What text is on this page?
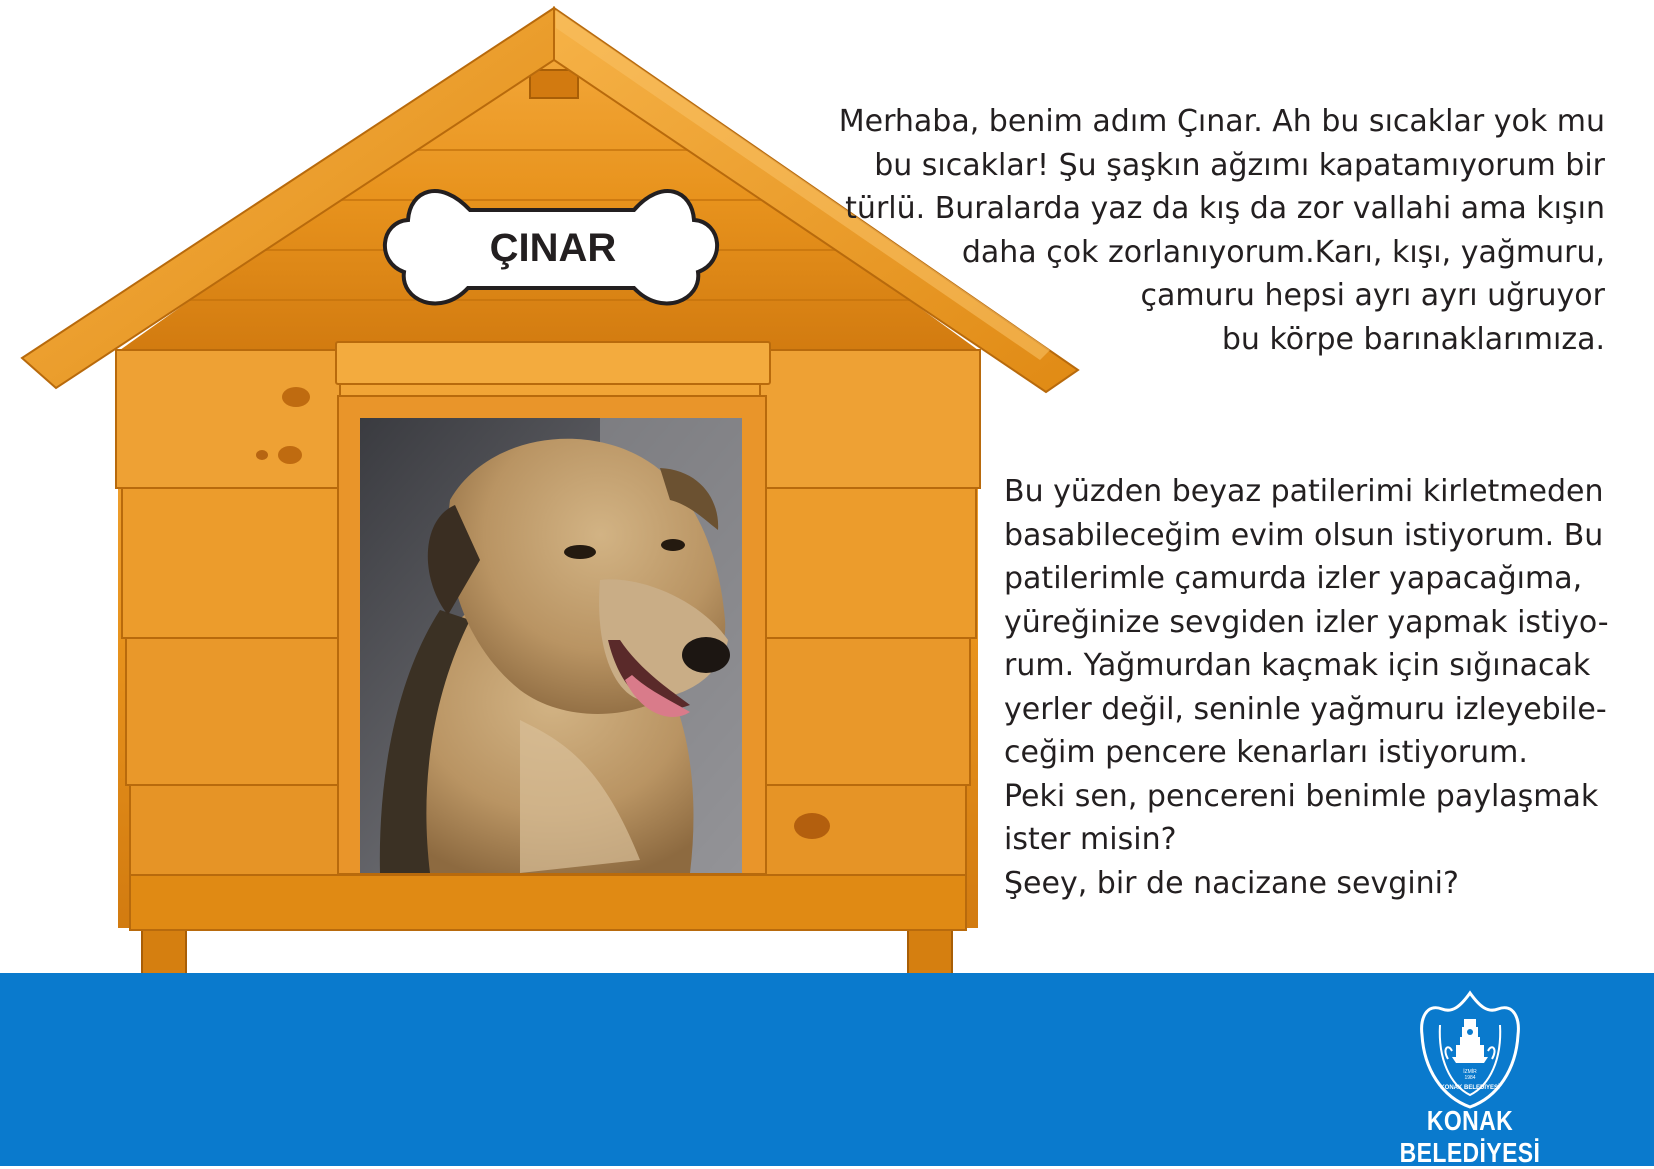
ÇINAR
Merhaba, benim adım Çınar. Ah bu sıcaklar yok mu
bu sıcaklar! Şu şaşkın ağzımı kapatamıyorum bir
türlü. Buralarda yaz da kış da zor vallahi ama kışın
daha çok zorlanıyorum.Karı, kışı, yağmuru,
çamuru hepsi ayrı ayrı uğruyor
bu körpe barınaklarımıza.
Bu yüzden beyaz patilerimi kirletmeden
basabileceğim evim olsun istiyorum. Bu
patilerimle çamurda izler yapacağıma,
yüreğinize sevgiden izler yapmak istiyo-
rum. Yağmurdan kaçmak için sığınacak
yerler değil, seninle yağmuru izleyebile-
ceğim pencere kenarları istiyorum.
Peki sen, pencereni benimle paylaşmak
ister misin?
Şeey, bir de nacizane sevgini?
İZMİR
1984
KONAK BELEDİYESİ
KONAK BELEDİYESİ
